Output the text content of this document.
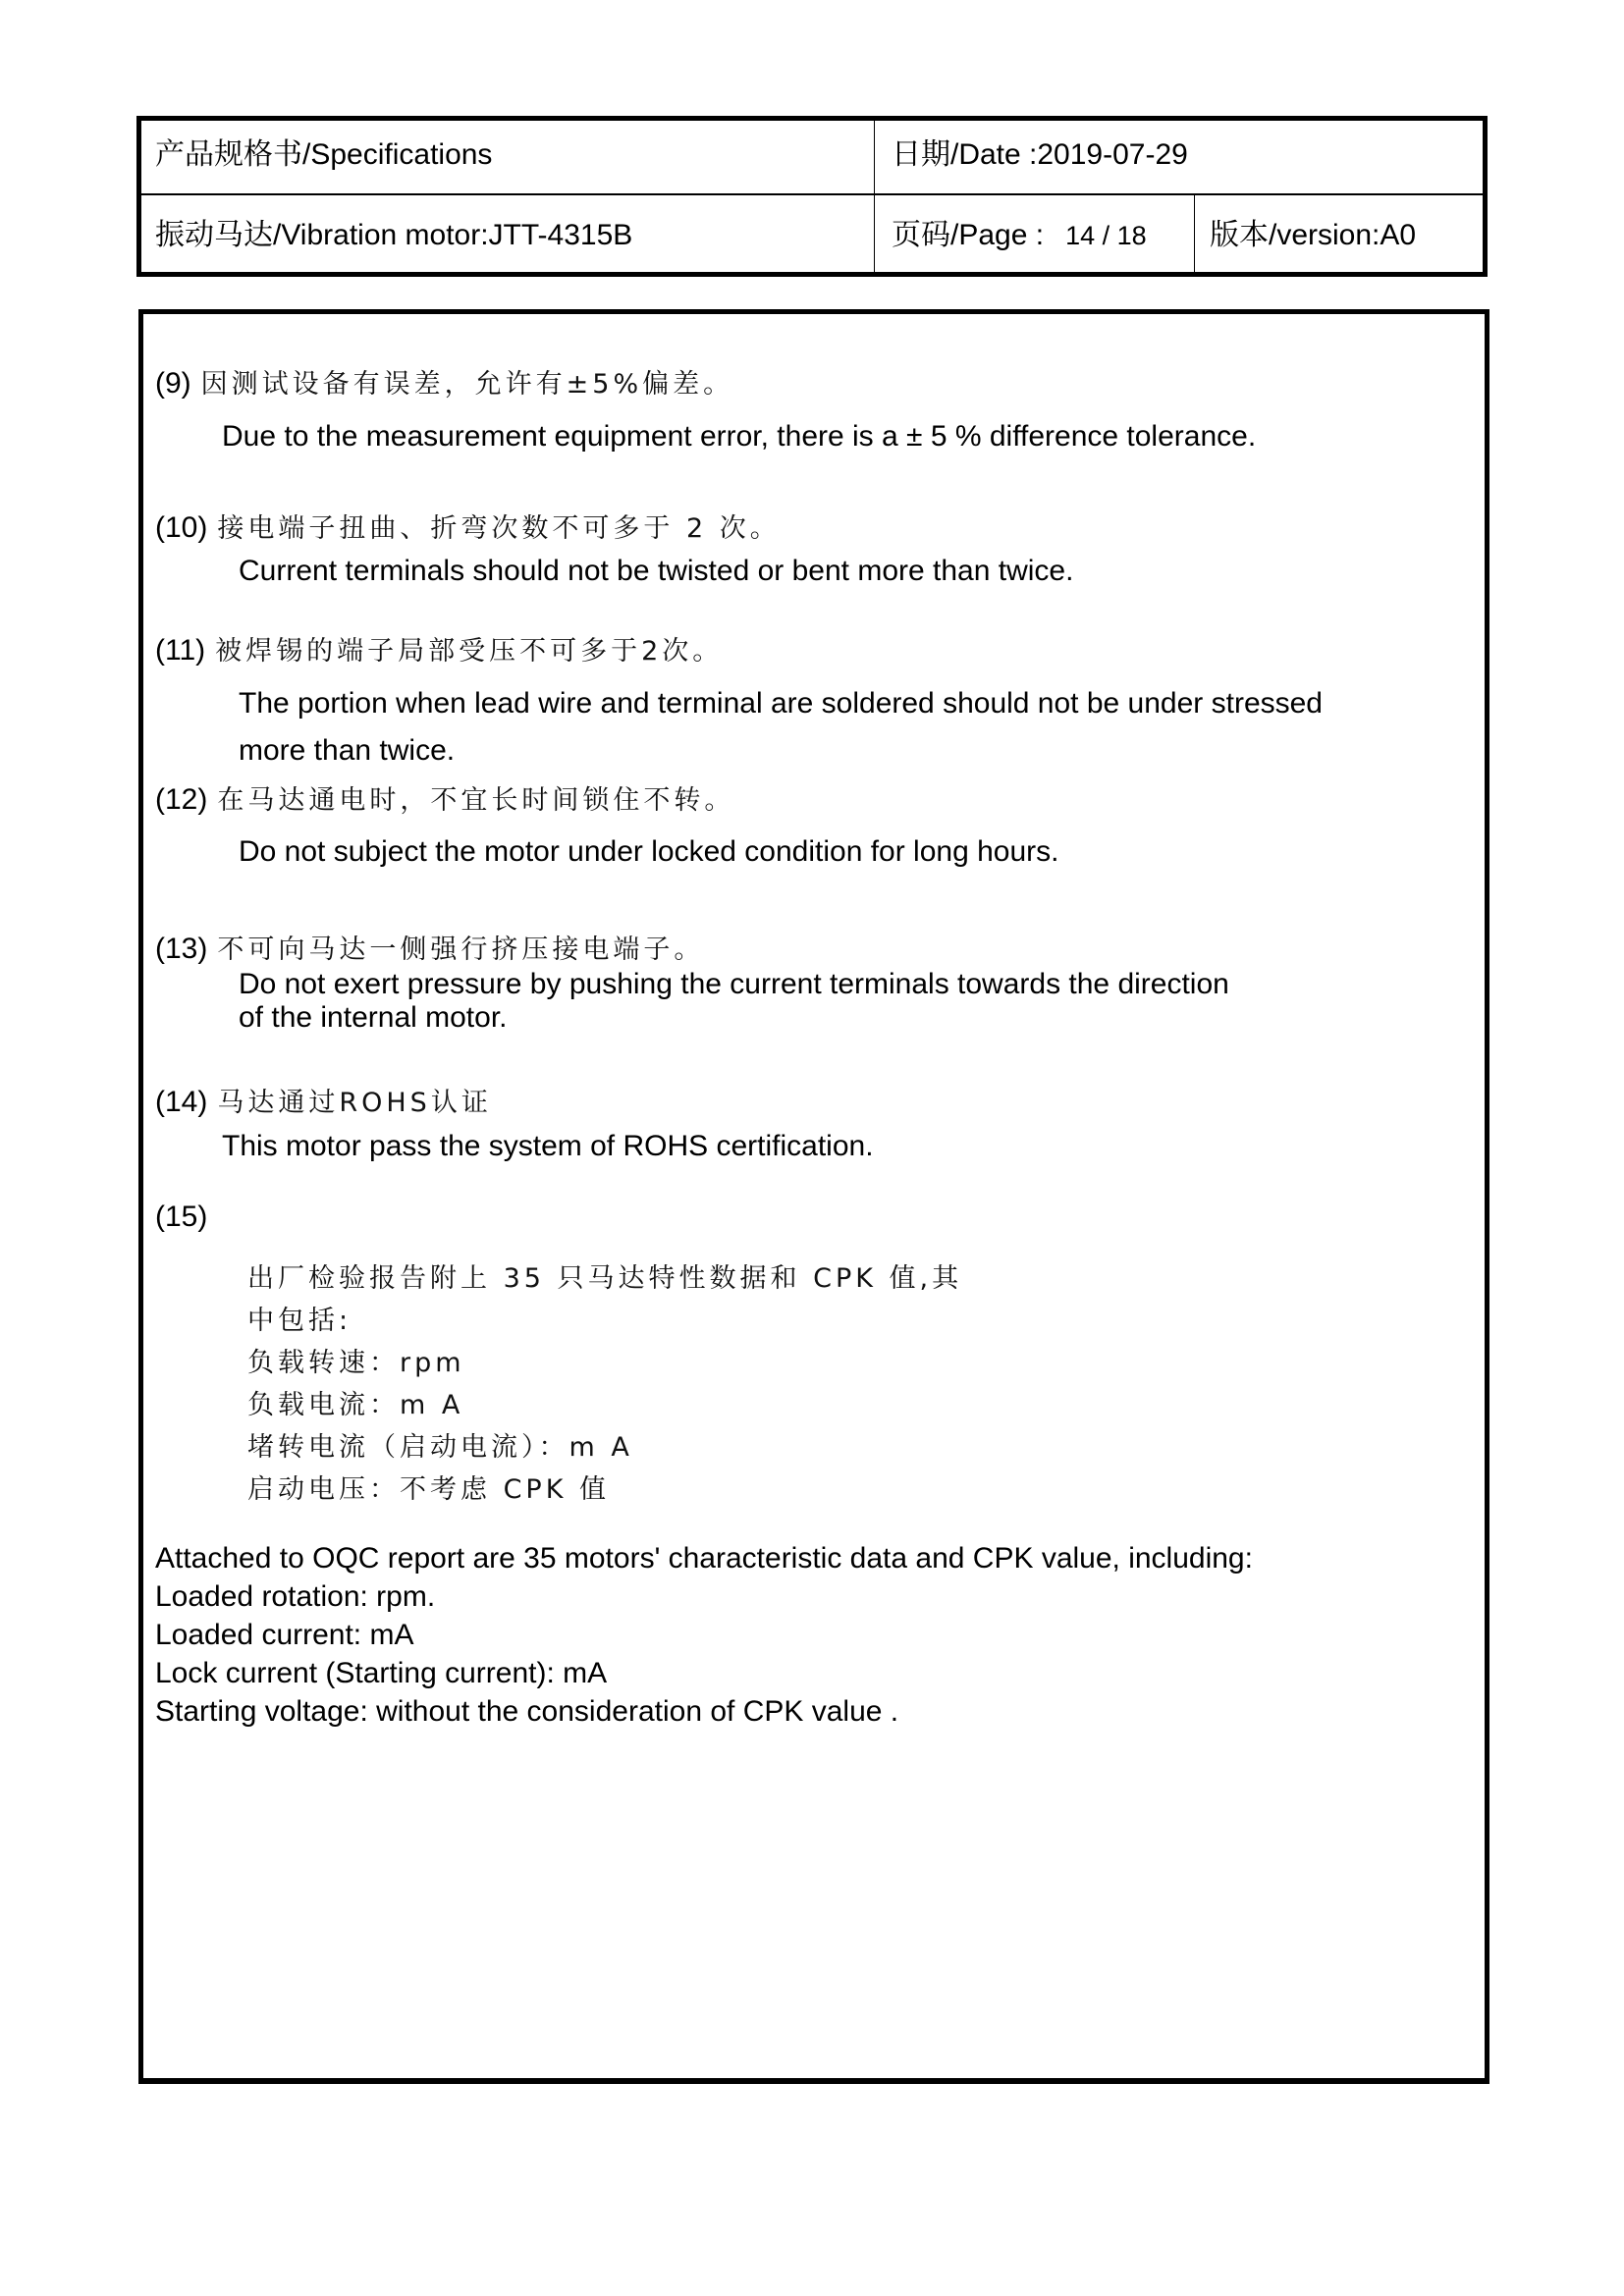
产品规格书/Specifications	日期/Date :2019-07-29
振动马达/Vibration motor:JTT-4315B	页码/Page : 14 / 18 版本/version:A0
(9) 因测试设备有误差，允许有±5%偏差。
Due to the measurement equipment error, there is a ± 5 % difference tolerance.
(10) 接电端子扭曲、折弯次数不可多于 2 次。
Current terminals should not be twisted or bent more than twice.
(11) 被焊锡的端子局部受压不可多于2次。
The portion when lead wire and terminal are soldered should not be under stressed
more than twice.
(12) 在马达通电时，不宜长时间锁住不转。
Do not subject the motor under locked condition for long hours.
(13) 不可向马达一侧强行挤压接电端子。
Do not exert pressure by pushing the current terminals towards the direction
of the internal motor.
(14) 马达通过ROHS认证
This motor pass the system of ROHS certification.
(15)
出厂检验报告附上 35 只马达特性数据和 CPK 值,其
中包括:
负载转速：rpm
负载电流：m A
堵转电流（启动电流）：m A
启动电压：不考虑 CPK 值
Attached to OQC report are 35 motors' characteristic data and CPK value, including:
Loaded rotation: rpm.
Loaded current: mA
Lock current (Starting current): mA
Starting voltage: without the consideration of CPK value .
